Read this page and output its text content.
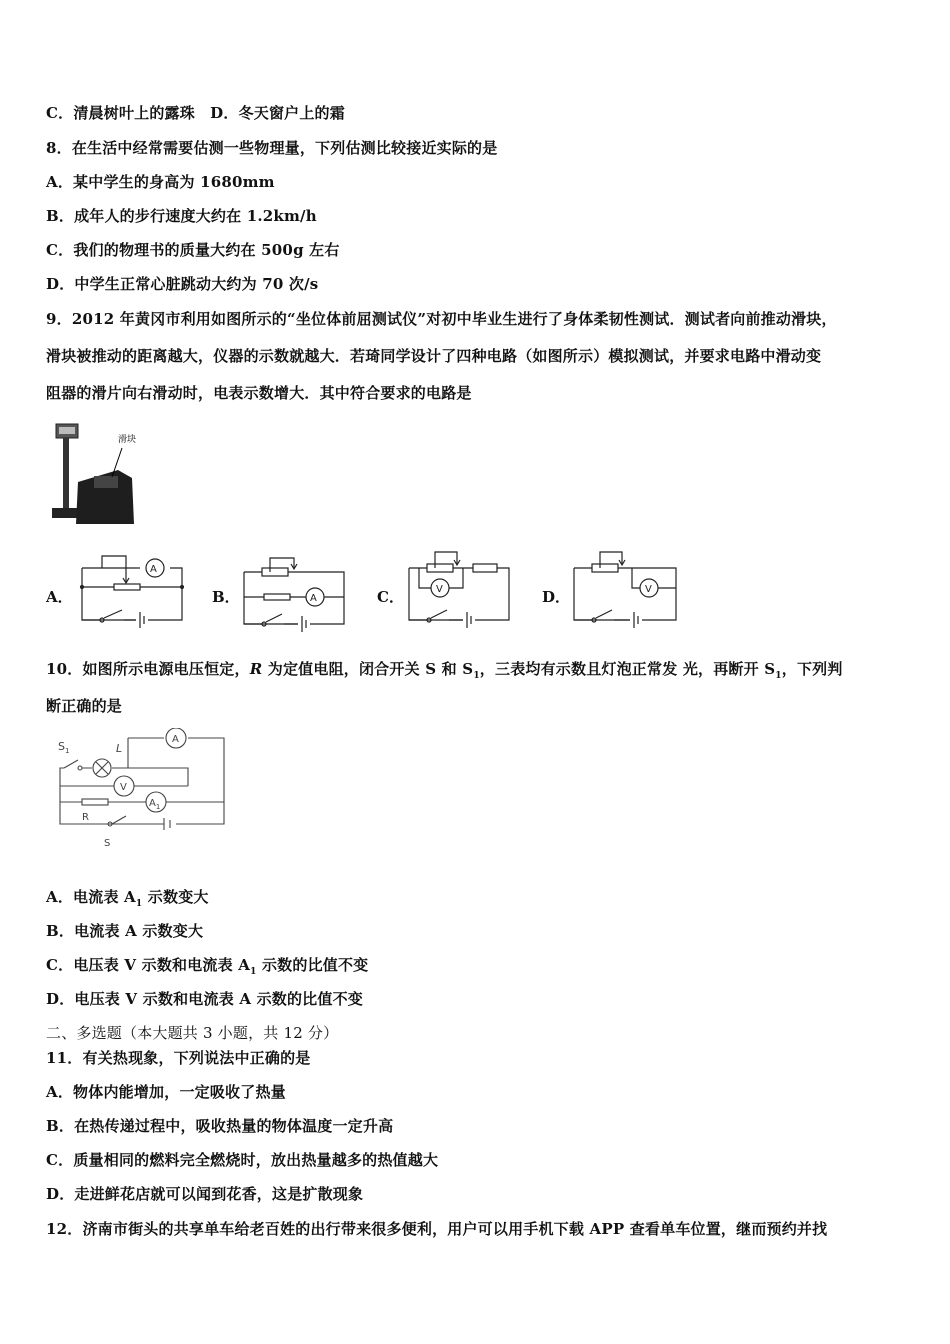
C．清晨树叶上的露珠　D．冬天窗户上的霜
8．在生活中经常需要估测一些物理量，下列估测比较接近实际的是
A．某中学生的身高为 1680mm
B．成年人的步行速度大约在 1.2km/h
C．我们的物理书的质量大约在 500g 左右
D．中学生正常心脏跳动大约为 70 次/s
9．2012 年黄冈市利用如图所示的“坐位体前屈测试仪”对初中毕业生进行了身体柔韧性测试．测试者向前推动滑块，
滑块被推动的距离越大，仪器的示数就越大．若琦同学设计了四种电路（如图所示）模拟测试，并要求电路中滑动变
阻器的滑片向右滑动时，电表示数增大．其中符合要求的电路是
滑块
A．
A
B．	A	C．	V	D．	V
10．如图所示电源电压恒定，R 为定值电阻，闭合开关 S 和 $S_1$，三表均有示数且灯泡正常发 光，再断开 $S_1$，下列判
断正确的是
$S_1$	L
A
V
$A_1$
R
S
A．电流表 $A_1$ 示数变大
B．电流表 A 示数变大
C．电压表 V 示数和电流表 $A_1$ 示数的比值不变
D．电压表 V 示数和电流表 A 示数的比值不变
二、多选题（本大题共 3 小题，共 12 分）
11．有关热现象，下列说法中正确的是
A．物体内能增加，一定吸收了热量
B．在热传递过程中，吸收热量的物体温度一定升高
C．质量相同的燃料完全燃烧时，放出热量越多的热值越大
D．走进鲜花店就可以闻到花香，这是扩散现象
12．济南市街头的共享单车给老百姓的出行带来很多便利，用户可以用手机下载 APP 查看单车位置，继而预约并找
